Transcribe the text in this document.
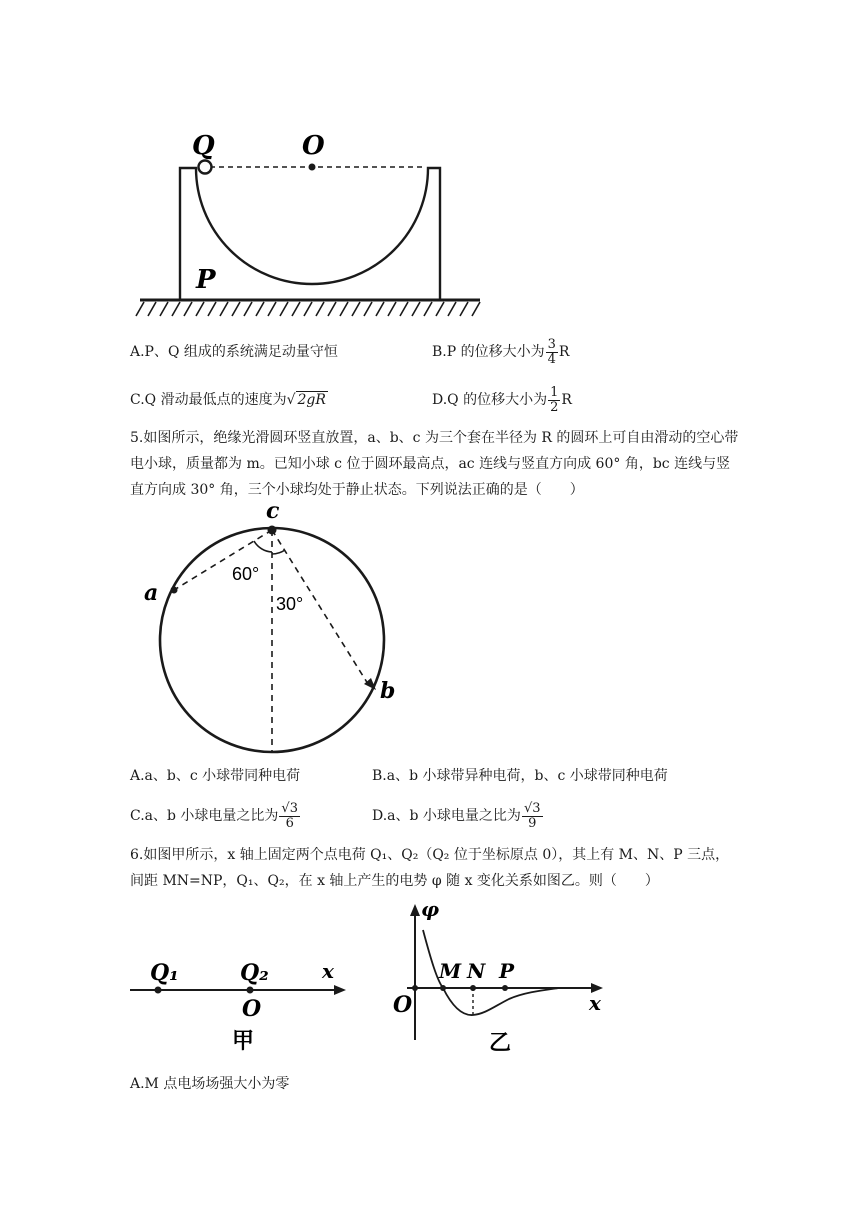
Q	O
P
A.P、Q 组成的系统满足动量守恒	B.P 的位移大小为 $\frac{3}{4}$ R
C.Q 滑动最低点的速度为√ 2gR	D.Q 的位移大小为 $\frac{1}{2}$ R
5.如图所示，绝缘光滑圆环竖直放置，a、b、c 为三个套在半径为 R 的圆环上可自由滑动的空心带电小球，质量都为 m。已知小球 c 位于圆环最高点，ac 连线与竖直方向成 60° 角，bc 连线与竖直方向成 30° 角，三个小球均处于静止状态。下列说法正确的是（　　）
c
a
b
60°
30°
A.a、b、c 小球带同种电荷	B.a、b 小球带异种电荷，b、c 小球带同种电荷
C.a、b 小球电量之比为 $\frac{√3}{6}$	D.a、b 小球电量之比为 $\frac{√3}{9}$
6.如图甲所示，x 轴上固定两个点电荷 Q₁、Q₂（Q₂ 位于坐标原点 0），其上有 M、N、P 三点，间距 MN=NP，Q₁、Q₂，在 x 轴上产生的电势 φ 随 x 变化关系如图乙。则（　　）
Q₁	Q₂	x
O
甲
φ
M N P
x
O
乙
A.M 点电场场强大小为零
